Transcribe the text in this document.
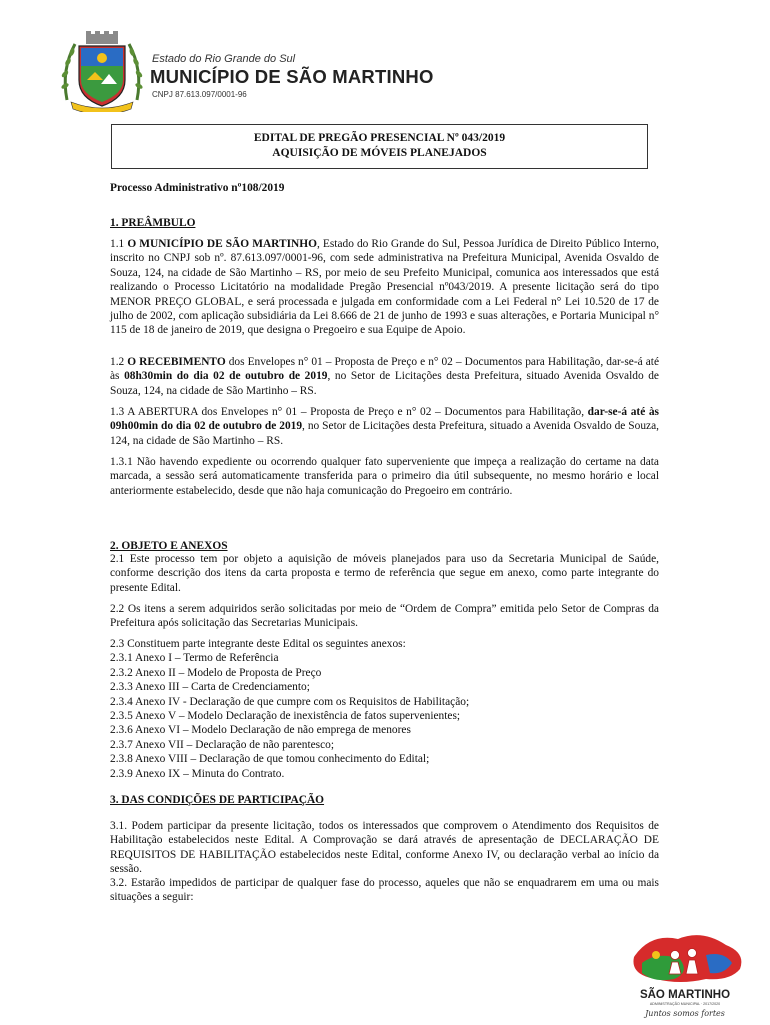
Estado do Rio Grande do Sul
MUNICÍPIO DE SÃO MARTINHO
CNPJ 87.613.097/0001-96
EDITAL DE PREGÃO PRESENCIAL Nº 043/2019
AQUISIÇÃO DE MÓVEIS PLANEJADOS
Processo Administrativo nº108/2019
1. PREÂMBULO
1.1 O MUNICÍPIO DE SÃO MARTINHO, Estado do Rio Grande do Sul, Pessoa Jurídica de Direito Público Interno, inscrito no CNPJ sob nº. 87.613.097/0001-96, com sede administrativa na Prefeitura Municipal, Avenida Osvaldo de Souza, 124, na cidade de São Martinho – RS, por meio de seu Prefeito Municipal, comunica aos interessados que está realizando o Processo Licitatório na modalidade Pregão Presencial nº043/2019. A presente licitação será do tipo MENOR PREÇO GLOBAL, e será processada e julgada em conformidade com a Lei Federal n° Lei 10.520 de 17 de julho de 2002, com aplicação subsidiária da Lei 8.666 de 21 de junho de 1993 e suas alterações, e Portaria Municipal n° 115 de 18 de janeiro de 2019, que designa o Pregoeiro e sua Equipe de Apoio.
1.2 O RECEBIMENTO dos Envelopes n° 01 – Proposta de Preço e n° 02 – Documentos para Habilitação, dar-se-á até às 08h30min do dia 02 de outubro de 2019, no Setor de Licitações desta Prefeitura, situado Avenida Osvaldo de Souza, 124, na cidade de São Martinho – RS.
1.3 A ABERTURA dos Envelopes n° 01 – Proposta de Preço e n° 02 – Documentos para Habilitação, dar-se-á até às 09h00min do dia 02 de outubro de 2019, no Setor de Licitações desta Prefeitura, situado a Avenida Osvaldo de Souza, 124, na cidade de São Martinho – RS.
1.3.1 Não havendo expediente ou ocorrendo qualquer fato superveniente que impeça a realização do certame na data marcada, a sessão será automaticamente transferida para o primeiro dia útil subsequente, no mesmo horário e local anteriormente estabelecido, desde que não haja comunicação do Pregoeiro em contrário.
2. OBJETO E ANEXOS
2.1 Este processo tem por objeto a aquisição de móveis planejados para uso da Secretaria Municipal de Saúde, conforme descrição dos itens da carta proposta e termo de referência que segue em anexo, como parte integrante do presente Edital.
2.2 Os itens a serem adquiridos serão solicitadas por meio de “Ordem de Compra” emitida pelo Setor de Compras da Prefeitura após solicitação das Secretarias Municipais.
2.3 Constituem parte integrante deste Edital os seguintes anexos:
2.3.1 Anexo I – Termo de Referência
2.3.2 Anexo II – Modelo de Proposta de Preço
2.3.3 Anexo III – Carta de Credenciamento;
2.3.4 Anexo IV - Declaração de que cumpre com os Requisitos de Habilitação;
2.3.5 Anexo V – Modelo Declaração de inexistência de fatos supervenientes;
2.3.6 Anexo VI – Modelo Declaração de não emprega de menores
2.3.7 Anexo VII – Declaração de não parentesco;
2.3.8 Anexo VIII – Declaração de que tomou conhecimento do Edital;
2.3.9 Anexo IX – Minuta do Contrato.
3. DAS CONDIÇÕES DE PARTICIPAÇÃO
3.1. Podem participar da presente licitação, todos os interessados que comprovem o Atendimento dos Requisitos de Habilitação estabelecidos neste Edital. A Comprovação se dará através de apresentação de DECLARAÇÃO DE REQUISITOS DE HABILITAÇÃO estabelecidos neste Edital, conforme Anexo IV, ou declaração verbal ao início da sessão.
3.2. Estarão impedidos de participar de qualquer fase do processo, aqueles que não se enquadrarem em uma ou mais situações a seguir:
SÃO MARTINHO
ADMINISTRAÇÃO MUNICIPAL · 2017/2020
Juntos somos fortes
